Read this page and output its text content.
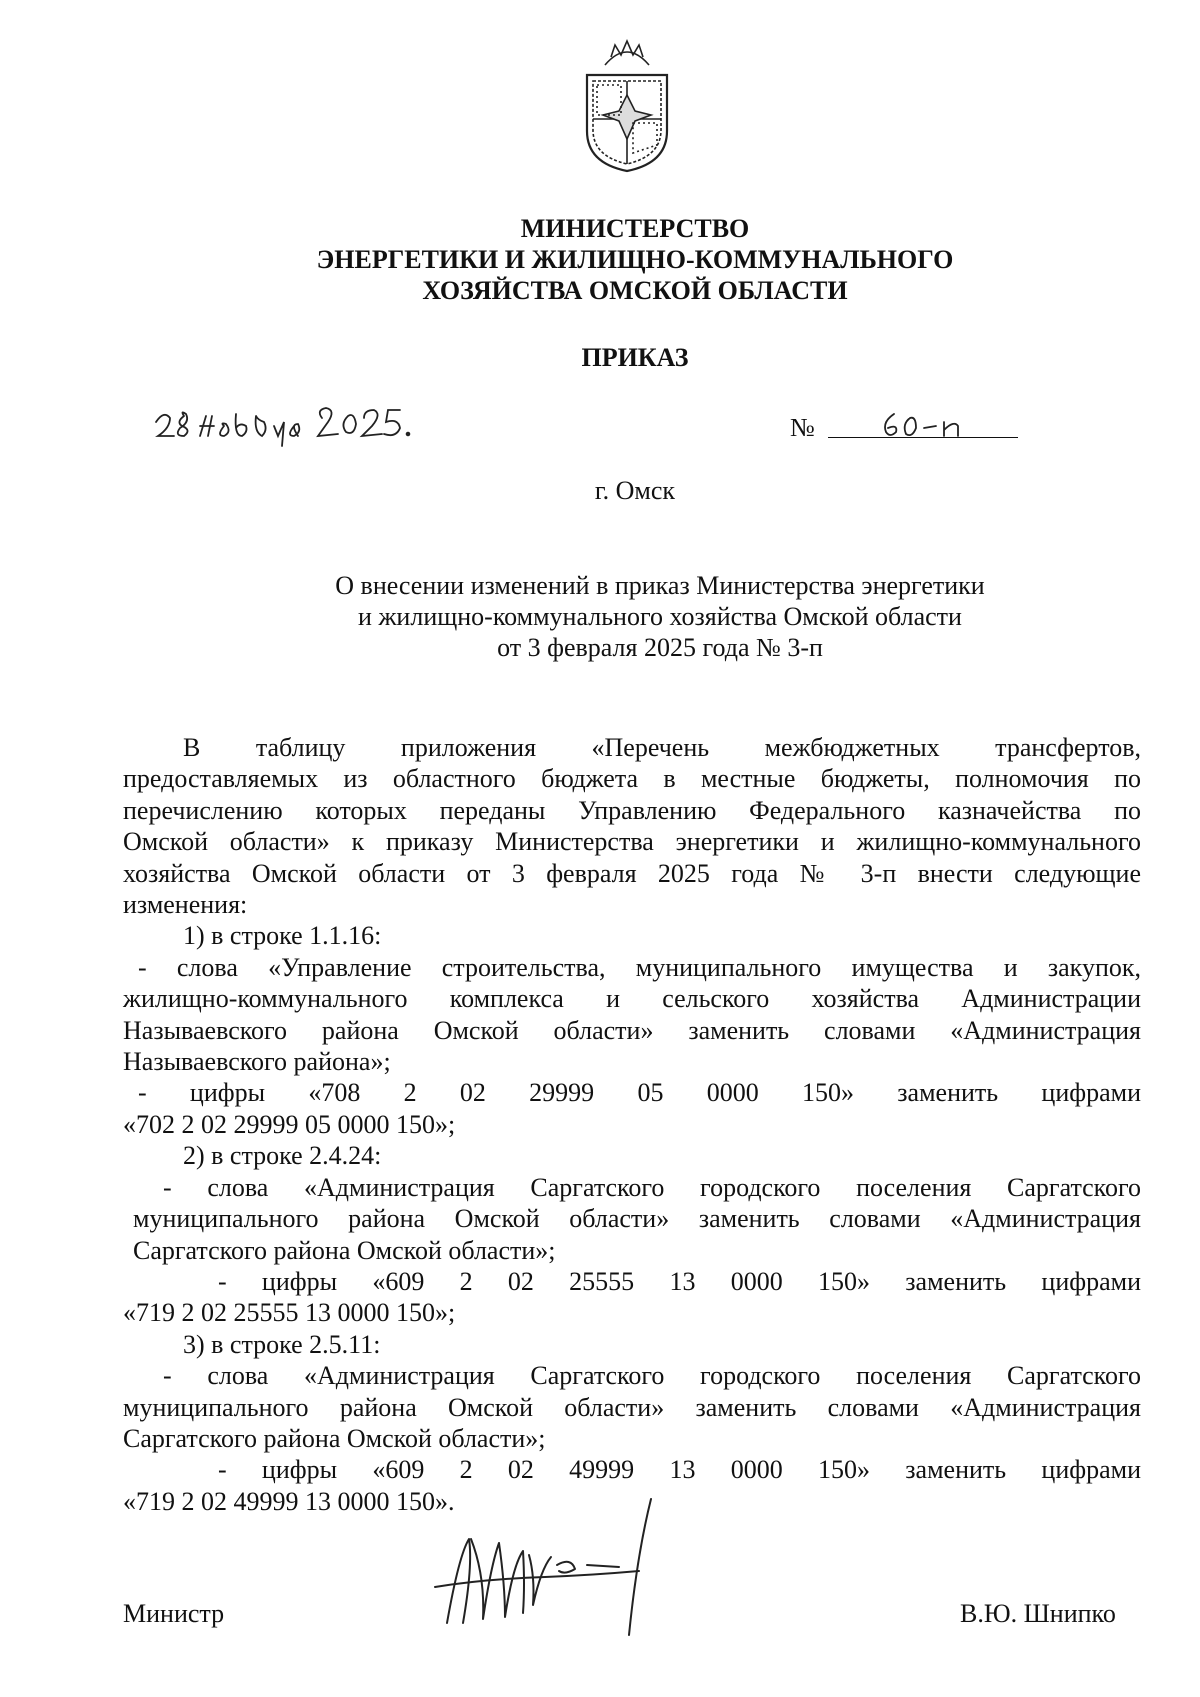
МИНИСТЕРСТВО
ЭНЕРГЕТИКИ И ЖИЛИЩНО-КОММУНАЛЬНОГО
ХОЗЯЙСТВА ОМСКОЙ ОБЛАСТИ
ПРИКАЗ
№
г. Омск
О внесении изменений в приказ Министерства энергетики
и жилищно-коммунального хозяйства Омской области
от 3 февраля 2025 года № 3-п

В таблицу приложения «Перечень межбюджетных трансфертов,

предоставляемых из областного бюджета в местные бюджеты, полномочия по

перечислению которых переданы Управлению Федерального казначейства по

Омской области» к приказу Министерства энергетики и жилищно-коммунального

хозяйства Омской области от 3 февраля 2025 года № 3-п внести следующие

изменения:

1) в строке 1.1.16:

- слова «Управление строительства, муниципального имущества и закупок,

жилищно-коммунального комплекса и сельского хозяйства Администрации

Называевского района Омской области» заменить словами «Администрация

Называевского района»;

- цифры «708 2 02 29999 05 0000 150» заменить цифрами

«702 2 02 29999 05 0000 150»;

2) в строке 2.4.24:

- слова «Администрация Саргатского городского поселения Саргатского

муниципального района Омской области» заменить словами «Администрация

Саргатского района Омской области»;

- цифры «609 2 02 25555 13 0000 150» заменить цифрами

«719 2 02 25555 13 0000 150»;

3) в строке 2.5.11:

- слова «Администрация Саргатского городского поселения Саргатского

муниципального района Омской области» заменить словами «Администрация

Саргатского района Омской области»;

- цифры «609 2 02 49999 13 0000 150» заменить цифрами

«719 2 02 49999 13 0000 150».

Министр	В.Ю. Шнипко
